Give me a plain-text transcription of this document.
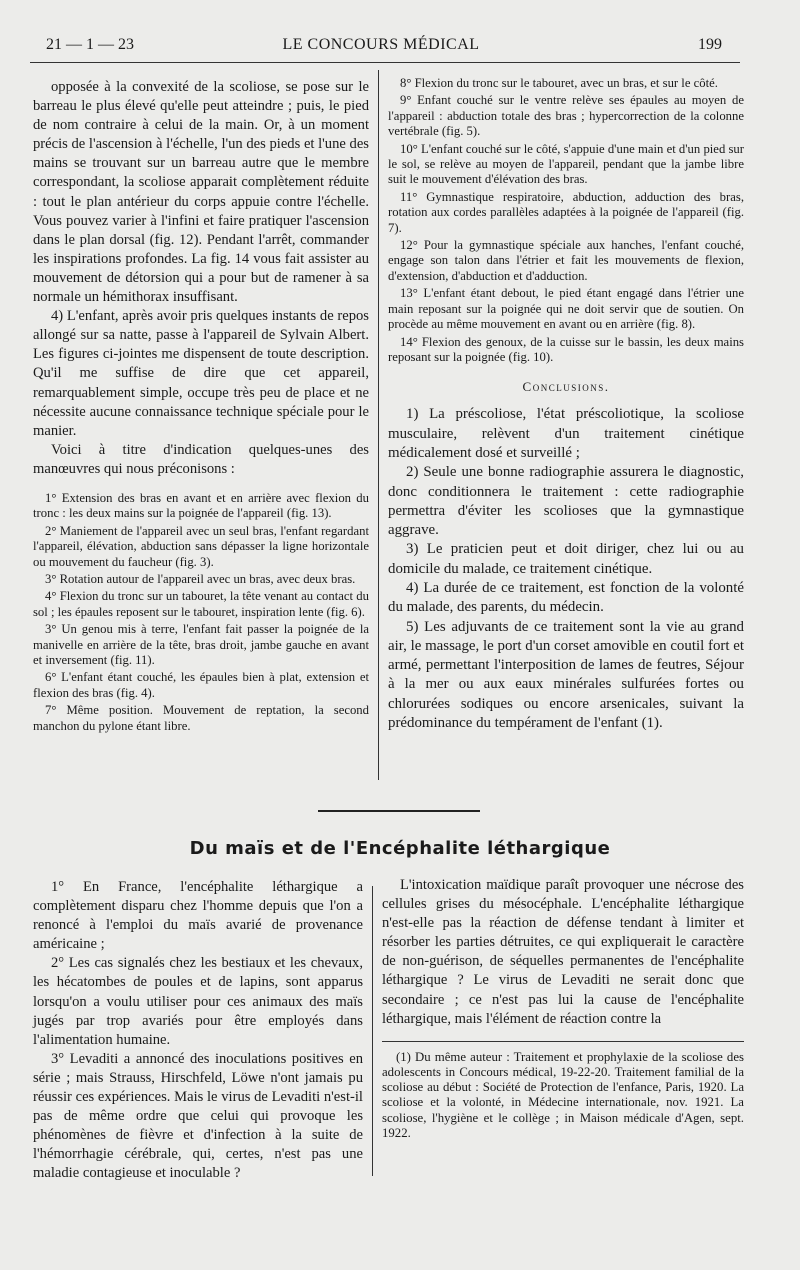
21 — 1 — 23	LE CONCOURS MÉDICAL	199

opposée à la convexité de la scoliose, se pose sur le barreau le plus élevé qu'elle peut atteindre ; puis, le pied de nom contraire à celui de la main. Or, à un moment précis de l'ascension à l'échelle, l'un des pieds et l'une des mains se trouvant sur un barreau autre que le membre correspondant, la scoliose apparait complètement réduite : tout le plan antérieur du corps appuie contre l'échelle. Vous pouvez varier à l'infini et faire pratiquer l'ascension dans le plan dorsal (fig. 12). Pendant l'arrêt, commander les inspirations profondes. La fig. 14 vous fait assister au mouvement de détorsion qui a pour but de ramener à sa normale un hémithorax insuffisant.

4) L'enfant, après avoir pris quelques instants de repos allongé sur sa natte, passe à l'appareil de Sylvain Albert. Les figures ci-jointes me dispensent de toute description. Qu'il me suffise de dire que cet appareil, remarquablement simple, occupe très peu de place et ne nécessite aucune connaissance technique spéciale pour le manier.

Voici à titre d'indication quelques-unes des manœuvres qui nous préconisons :

1° Extension des bras en avant et en arrière avec flexion du tronc : les deux mains sur la poignée de l'appareil (fig. 13).

2° Maniement de l'appareil avec un seul bras, l'enfant regardant l'appareil, élévation, abduction sans dépasser la ligne horizontale ou mouvement du faucheur (fig. 3).

3° Rotation autour de l'appareil avec un bras, avec deux bras.

4° Flexion du tronc sur un tabouret, la tête venant au contact du sol ; les épaules reposent sur le tabouret, inspiration lente (fig. 6).

3° Un genou mis à terre, l'enfant fait passer la poignée de la manivelle en arrière de la tête, bras droit, jambe gauche en avant et inversement (fig. 11).

6° L'enfant étant couché, les épaules bien à plat, extension et flexion des bras (fig. 4).

7° Même position. Mouvement de reptation, la second manchon du pylone étant libre.

8° Flexion du tronc sur le tabouret, avec un bras, et sur le côté.

9° Enfant couché sur le ventre relève ses épaules au moyen de l'appareil : abduction totale des bras ; hypercorrection de la colonne vertébrale (fig. 5).

10° L'enfant couché sur le côté, s'appuie d'une main et d'un pied sur le sol, se relève au moyen de l'appareil, pendant que la jambe libre suit le mouvement d'élévation des bras.

11° Gymnastique respiratoire, abduction, adduction des bras, rotation aux cordes parallèles adaptées à la poignée de l'appareil (fig. 7).

12° Pour la gymnastique spéciale aux hanches, l'enfant couché, engage son talon dans l'étrier et fait les mouvements de flexion, d'extension, d'abduction et d'adduction.

13° L'enfant étant debout, le pied étant engagé dans l'étrier une main reposant sur la poignée qui ne doit servir que de soutien. On procède au même mouvement en avant ou en arrière (fig. 8).

14° Flexion des genoux, de la cuisse sur le bassin, les deux mains reposant sur la poignée (fig. 10).

Conclusions.

1) La préscoliose, l'état préscoliotique, la scoliose musculaire, relèvent d'un traitement cinétique médicalement dosé et surveillé ;

2) Seule une bonne radiographie assurera le diagnostic, donc conditionnera le traitement : cette radiographie permettra d'éviter les scolioses que la gymnastique aggrave.

3) Le praticien peut et doit diriger, chez lui ou au domicile du malade, ce traitement cinétique.

4) La durée de ce traitement, est fonction de la volonté du malade, des parents, du médecin.

5) Les adjuvants de ce traitement sont la vie au grand air, le massage, le port d'un corset amovible en coutil fort et armé, permettant l'interposition de lames de feutres, Séjour à la mer ou aux eaux minérales sulfurées fortes ou chlorurées sodiques ou encore arsenicales, suivant la prédominance du tempérament de l'enfant (1).

Du maïs et de l'Encéphalite léthargique

1° En France, l'encéphalite léthargique a complètement disparu chez l'homme depuis que l'on a renoncé à l'emploi du maïs avarié de provenance américaine ;

2° Les cas signalés chez les bestiaux et les chevaux, les hécatombes de poules et de lapins, sont apparus lorsqu'on a voulu utiliser pour ces animaux des maïs jugés par trop avariés pour être employés dans l'alimentation humaine.

3° Levaditi a annoncé des inoculations positives en série ; mais Strauss, Hirschfeld, Löwe n'ont jamais pu réussir ces expériences. Mais le virus de Levaditi n'est-il pas de même ordre que celui qui provoque les phénomènes de fièvre et d'infection à la suite de l'hémorrhagie cérébrale, qui, certes, n'est pas une maladie contagieuse et inoculable ?

L'intoxication maïdique paraît provoquer une nécrose des cellules grises du mésocéphale. L'encéphalite léthargique n'est-elle pas la réaction de défense tendant à limiter et résorber les parties détruites, ce qui expliquerait le caractère de non-guérison, de séquelles permanentes de l'encéphalite léthargique ? Le virus de Levaditi ne serait donc que secondaire ; ce n'est pas lui la cause de l'encéphalite léthargique, mais l'élément de réaction contre la

(1) Du même auteur : Traitement et prophylaxie de la scoliose des adolescents in Concours médical, 19-22-20. Traitement familial de la scoliose au début : Société de Protection de l'enfance, Paris, 1920. La scoliose et la volonté, in Médecine internationale, nov. 1921. La scoliose, l'hygiène et le collège ; in Maison médicale d'Agen, sept. 1922.
